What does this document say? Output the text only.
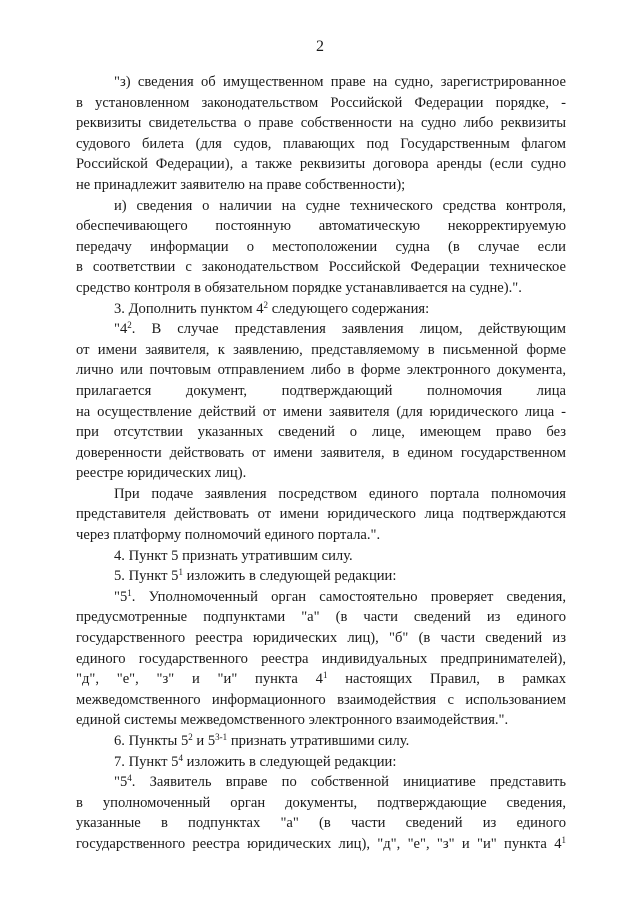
2
"з) сведения об имущественном праве на судно, зарегистрированное
в установленном законодательством Российской Федерации порядке, -
реквизиты свидетельства о праве собственности на судно либо реквизиты
судового билета (для судов, плавающих под Государственным флагом
Российской Федерации), а также реквизиты договора аренды (если судно
не принадлежит заявителю на праве собственности);
и) сведения о наличии на судне технического средства контроля,
обеспечивающего постоянную автоматическую некорректируемую
передачу информации о местоположении судна (в случае если
в соответствии с законодательством Российской Федерации техническое
средство контроля в обязательном порядке устанавливается на судне).".
3. Дополнить пунктом $4^2$ следующего содержания:
"$4^2$. В случае представления заявления лицом, действующим
от имени заявителя, к заявлению, представляемому в письменной форме
лично или почтовым отправлением либо в форме электронного документа,
прилагается документ, подтверждающий полномочия лица
на осуществление действий от имени заявителя (для юридического лица -
при отсутствии указанных сведений о лице, имеющем право без
доверенности действовать от имени заявителя, в едином государственном
реестре юридических лиц).
При подаче заявления посредством единого портала полномочия
представителя действовать от имени юридического лица подтверждаются
через платформу полномочий единого портала.".
4. Пункт 5 признать утратившим силу.
5. Пункт $5^1$ изложить в следующей редакции:
"$5^1$. Уполномоченный орган самостоятельно проверяет сведения,
предусмотренные подпунктами "а" (в части сведений из единого
государственного реестра юридических лиц), "б" (в части сведений из
единого государственного реестра индивидуальных предпринимателей),
"д", "е", "з" и "и" пункта $4^1$ настоящих Правил, в рамках
межведомственного информационного взаимодействия с использованием
единой системы межведомственного электронного взаимодействия.".
6. Пункты $5^2$ и 5$^{3-1}$ признать утратившими силу.
7. Пункт $5^4$ изложить в следующей редакции:
"$5^4$. Заявитель вправе по собственной инициативе представить
в уполномоченный орган документы, подтверждающие сведения,
указанные в подпунктах "а" (в части сведений из единого
государственного реестра юридических лиц), "д", "е", "з" и "и" пункта $4^1$
